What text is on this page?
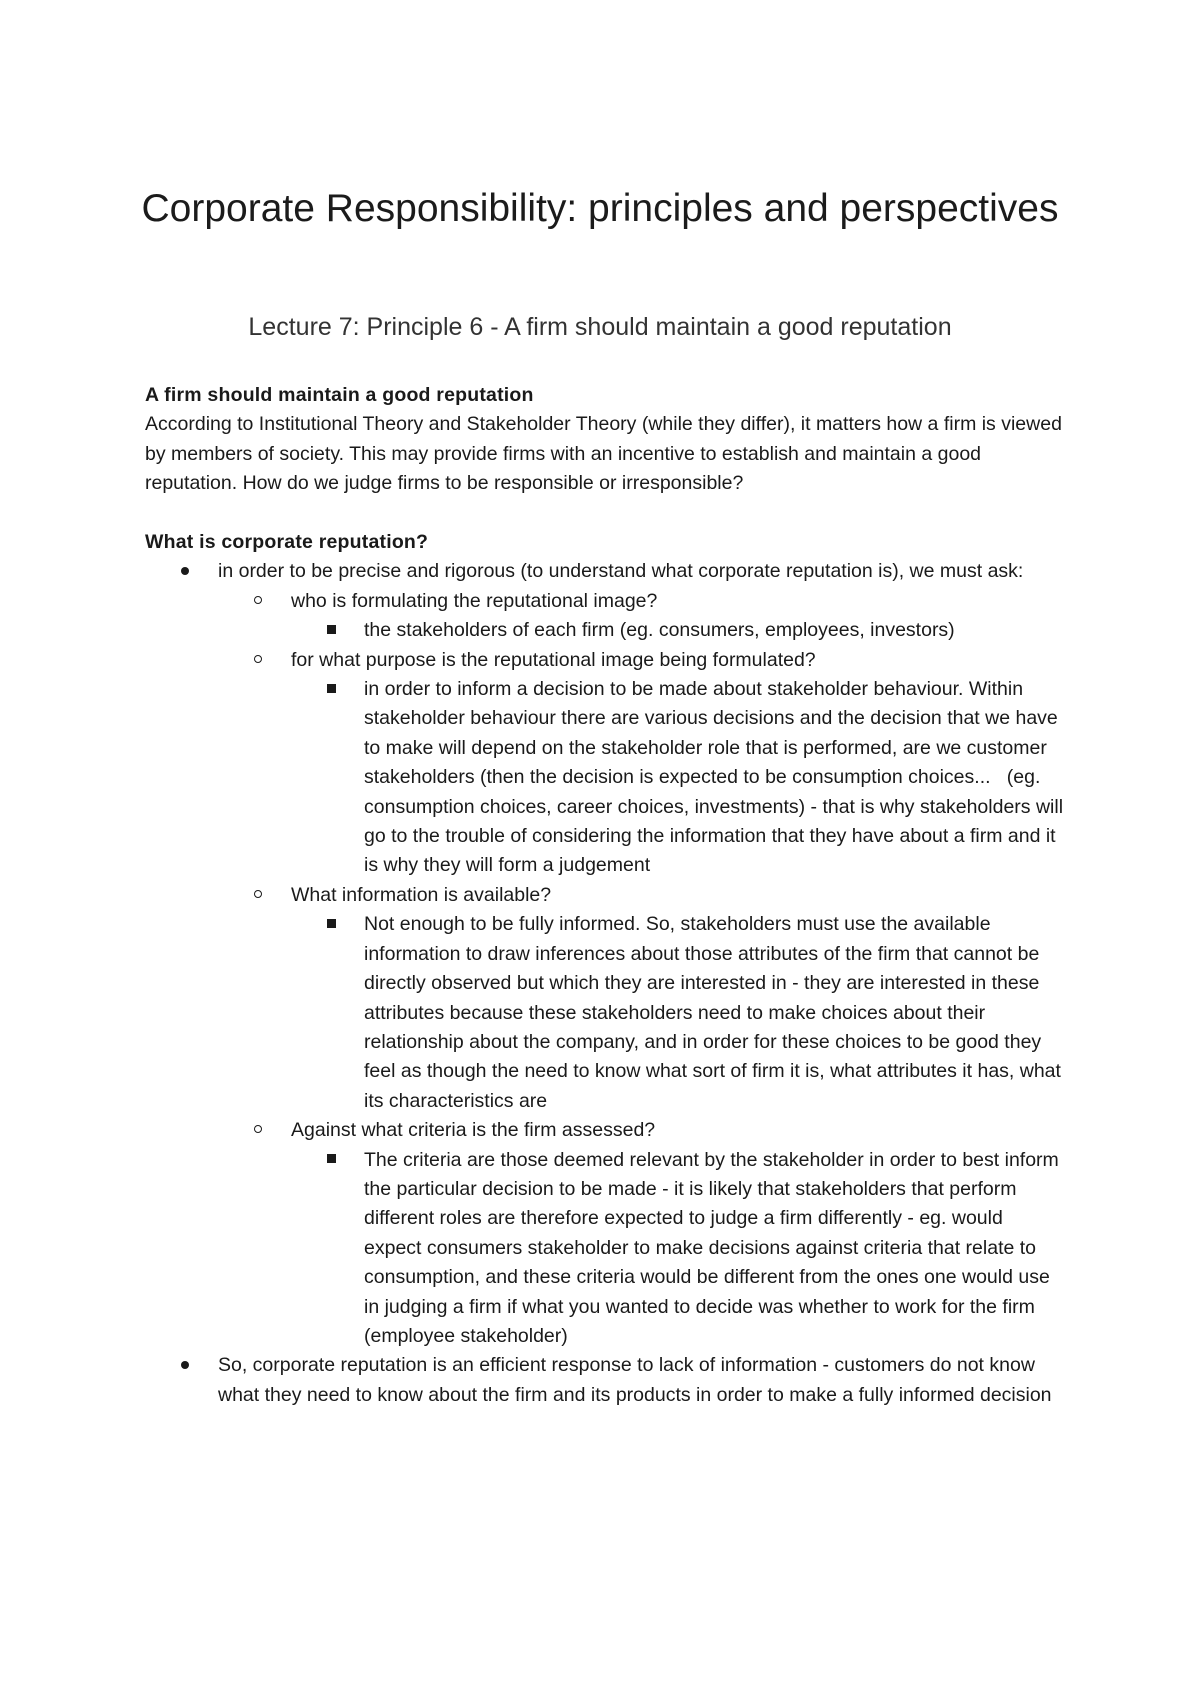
Corporate Responsibility: principles and perspectives
Lecture 7: Principle 6 - A firm should maintain a good reputation

A firm should maintain a good reputation

According to Institutional Theory and Stakeholder Theory (while they differ), it matters how a firm is viewed by members of society. This may provide firms with an incentive to establish and maintain a good reputation. How do we judge firms to be responsible or irresponsible?

What is corporate reputation?

in order to be precise and rigorous (to understand what corporate reputation is), we must ask:
who is formulating the reputational image?
the stakeholders of each firm (eg. consumers, employees, investors)
for what purpose is the reputational image being formulated?
in order to inform a decision to be made about stakeholder behaviour. Within stakeholder behaviour there are various decisions and the decision that we have to make will depend on the stakeholder role that is performed, are we customer stakeholders (then the decision is expected to be consumption choices...   (eg. consumption choices, career choices, investments) - that is why stakeholders will go to the trouble of considering the information that they have about a firm and it is why they will form a judgement
What information is available?
Not enough to be fully informed. So, stakeholders must use the available information to draw inferences about those attributes of the firm that cannot be directly observed but which they are interested in - they are interested in these attributes because these stakeholders need to make choices about their relationship about the company, and in order for these choices to be good they feel as though the need to know what sort of firm it is, what attributes it has, what its characteristics are
Against what criteria is the firm assessed?
The criteria are those deemed relevant by the stakeholder in order to best inform the particular decision to be made - it is likely that stakeholders that perform different roles are therefore expected to judge a firm differently - eg. would expect consumers stakeholder to make decisions against criteria that relate to consumption, and these criteria would be different from the ones one would use in judging a firm if what you wanted to decide was whether to work for the firm (employee stakeholder)
So, corporate reputation is an efficient response to lack of information - customers do not know what they need to know about the firm and its products in order to make a fully informed decision
